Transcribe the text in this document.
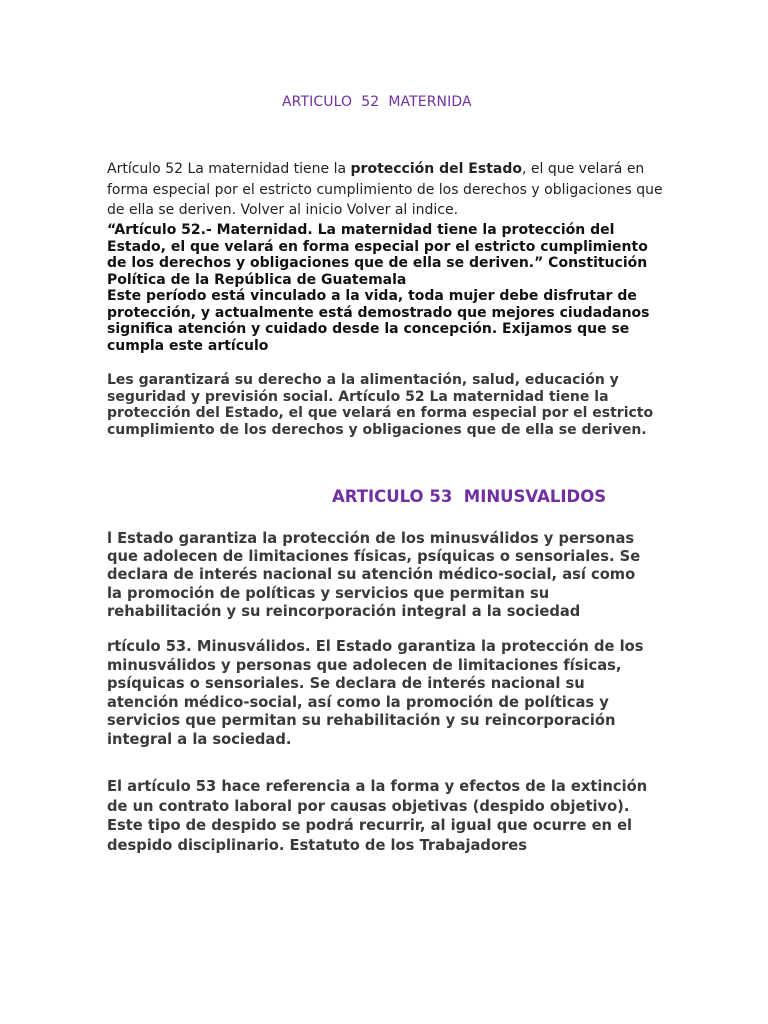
ARTICULO  52  MATERNIDA
Artículo 52 La maternidad tiene la protección del Estado, el que velará en
forma especial por el estricto cumplimiento de los derechos y obligaciones que
de ella se deriven. Volver al inicio Volver al indice.
“Artículo 52.- Maternidad. La maternidad tiene la protección del
Estado, el que velará en forma especial por el estricto cumplimiento
de los derechos y obligaciones que de ella se deriven.” Constitución
Política de la República de Guatemala
Este período está vinculado a la vida, toda mujer debe disfrutar de
protección, y actualmente está demostrado que mejores ciudadanos
significa atención y cuidado desde la concepción. Exijamos que se
cumpla este artículo
Les garantizará su derecho a la alimentación, salud, educación y
seguridad y previsión social. Artículo 52 La maternidad tiene la
protección del Estado, el que velará en forma especial por el estricto
cumplimiento de los derechos y obligaciones que de ella se deriven.
ARTICULO 53  MINUSVALIDOS
l Estado garantiza la protección de los minusválidos y personas
que adolecen de limitaciones físicas, psíquicas o sensoriales. Se
declara de interés nacional su atención médico-social, así como
la promoción de políticas y servicios que permitan su
rehabilitación y su reincorporación integral a la sociedad
rtículo 53. Minusválidos. El Estado garantiza la protección de los
minusválidos y personas que adolecen de limitaciones físicas,
psíquicas o sensoriales. Se declara de interés nacional su
atención médico-social, así como la promoción de políticas y
servicios que permitan su rehabilitación y su reincorporación
integral a la sociedad.
El artículo 53 hace referencia a la forma y efectos de la extinción
de un contrato laboral por causas objetivas (despido objetivo).
Este tipo de despido se podrá recurrir, al igual que ocurre en el
despido disciplinario. Estatuto de los Trabajadores
